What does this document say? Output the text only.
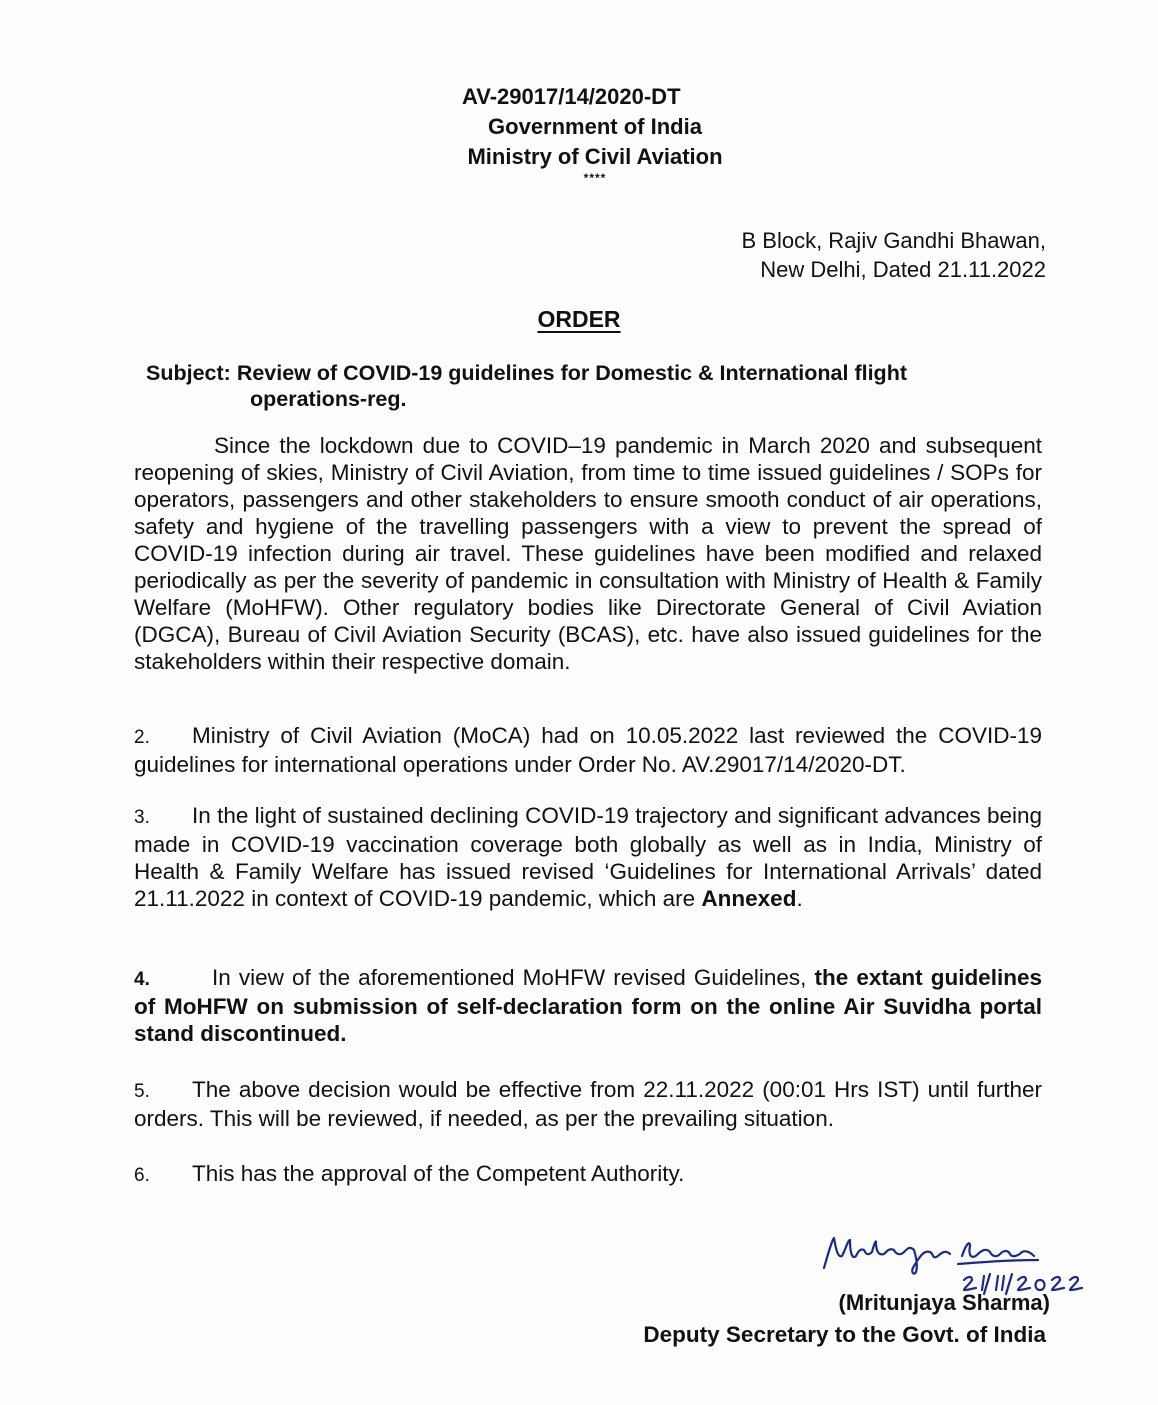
AV-29017/14/2020-DT
Government of India
Ministry of Civil Aviation
****
B Block, Rajiv Gandhi Bhawan,
New Delhi, Dated 21.11.2022
ORDER
Subject: Review of COVID-19 guidelines for Domestic & International flight
operations-reg.
Since the lockdown due to COVID–19 pandemic in March 2020 and subsequent reopening of skies, Ministry of Civil Aviation, from time to time issued guidelines / SOPs for operators, passengers and other stakeholders to ensure smooth conduct of air operations, safety and hygiene of the travelling passengers with a view to prevent the spread of COVID-19 infection during air travel. These guidelines have been modified and relaxed periodically as per the severity of pandemic in consultation with Ministry of Health & Family Welfare (MoHFW). Other regulatory bodies like Directorate General of Civil Aviation (DGCA), Bureau of Civil Aviation Security (BCAS), etc. have also issued guidelines for the stakeholders within their respective domain.
2. Ministry of Civil Aviation (MoCA) had on 10.05.2022 last reviewed the COVID-19 guidelines for international operations under Order No. AV.29017/14/2020-DT.
3. In the light of sustained declining COVID-19 trajectory and significant advances being made in COVID-19 vaccination coverage both globally as well as in India, Ministry of Health & Family Welfare has issued revised ‘Guidelines for International Arrivals’ dated 21.11.2022 in context of COVID-19 pandemic, which are Annexed.
4.	In view of the aforementioned MoHFW revised Guidelines, the extant guidelines of MoHFW on submission of self-declaration form on the online Air Suvidha portal stand discontinued.
5. The above decision would be effective from 22.11.2022 (00:01 Hrs IST) until further orders. This will be reviewed, if needed, as per the prevailing situation.
6. This has the approval of the Competent Authority.
(Mritunjaya Sharma)
Deputy Secretary to the Govt. of India
